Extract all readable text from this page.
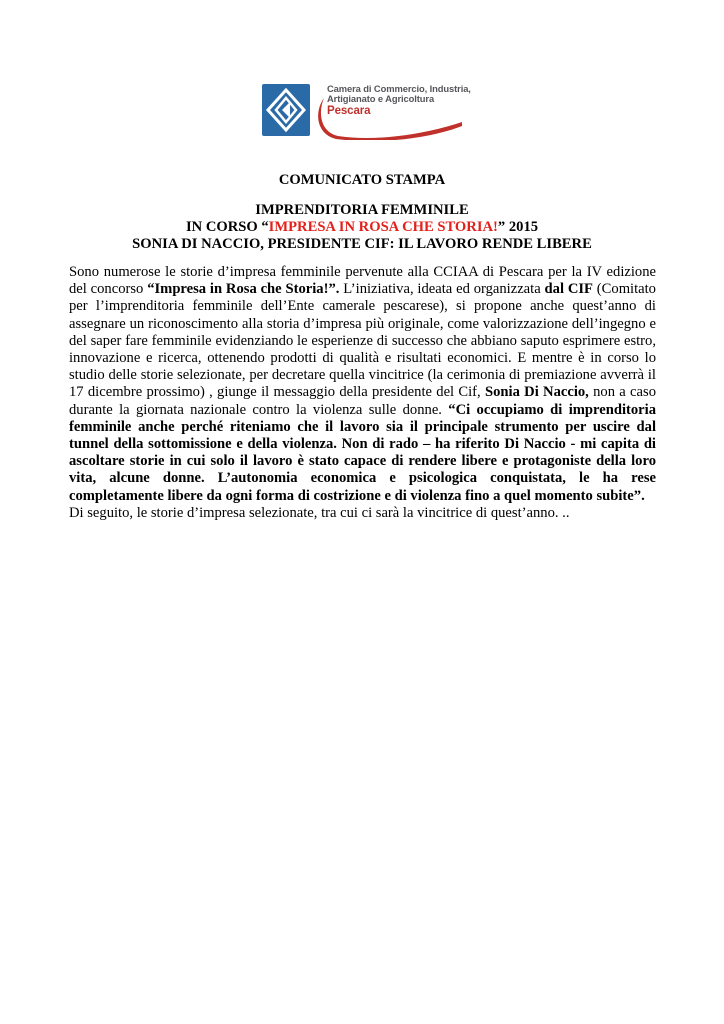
Camera di Commercio, Industria,
Artigianato e Agricoltura
Pescara
COMUNICATO STAMPA
IMPRENDITORIA FEMMINILE
IN CORSO “IMPRESA IN ROSA CHE STORIA!” 2015
SONIA DI NACCIO, PRESIDENTE CIF: IL LAVORO RENDE LIBERE
Sono numerose le storie d’impresa femminile pervenute alla CCIAA di Pescara per la IV edizione
del concorso “Impresa in Rosa che Storia!”. L’iniziativa, ideata ed organizzata dal CIF (Comitato
per l’imprenditoria femminile dell’Ente camerale pescarese), si propone anche quest’anno di
assegnare un riconoscimento alla storia d’impresa più originale, come valorizzazione dell’ingegno e
del saper fare femminile evidenziando le esperienze di successo che abbiano saputo esprimere estro,
innovazione e ricerca, ottenendo prodotti di qualità e risultati economici. E mentre è in corso lo
studio delle storie selezionate, per decretare quella vincitrice (la cerimonia di premiazione avverrà il
17 dicembre prossimo) , giunge il messaggio della presidente del Cif, Sonia Di Naccio, non a caso
durante la giornata nazionale contro la violenza sulle donne. “Ci occupiamo di imprenditoria
femminile anche perché riteniamo che il lavoro sia il principale strumento per uscire dal
tunnel della sottomissione e della violenza. Non di rado – ha riferito Di Naccio - mi capita di
ascoltare storie in cui solo il lavoro è stato capace di rendere libere e protagoniste della loro
vita, alcune donne. L’autonomia economica e psicologica conquistata, le ha rese
completamente libere da ogni forma di costrizione e di violenza fino a quel momento subite”.
Di seguito, le storie d’impresa selezionate, tra cui ci sarà la vincitrice di quest’anno. ..
